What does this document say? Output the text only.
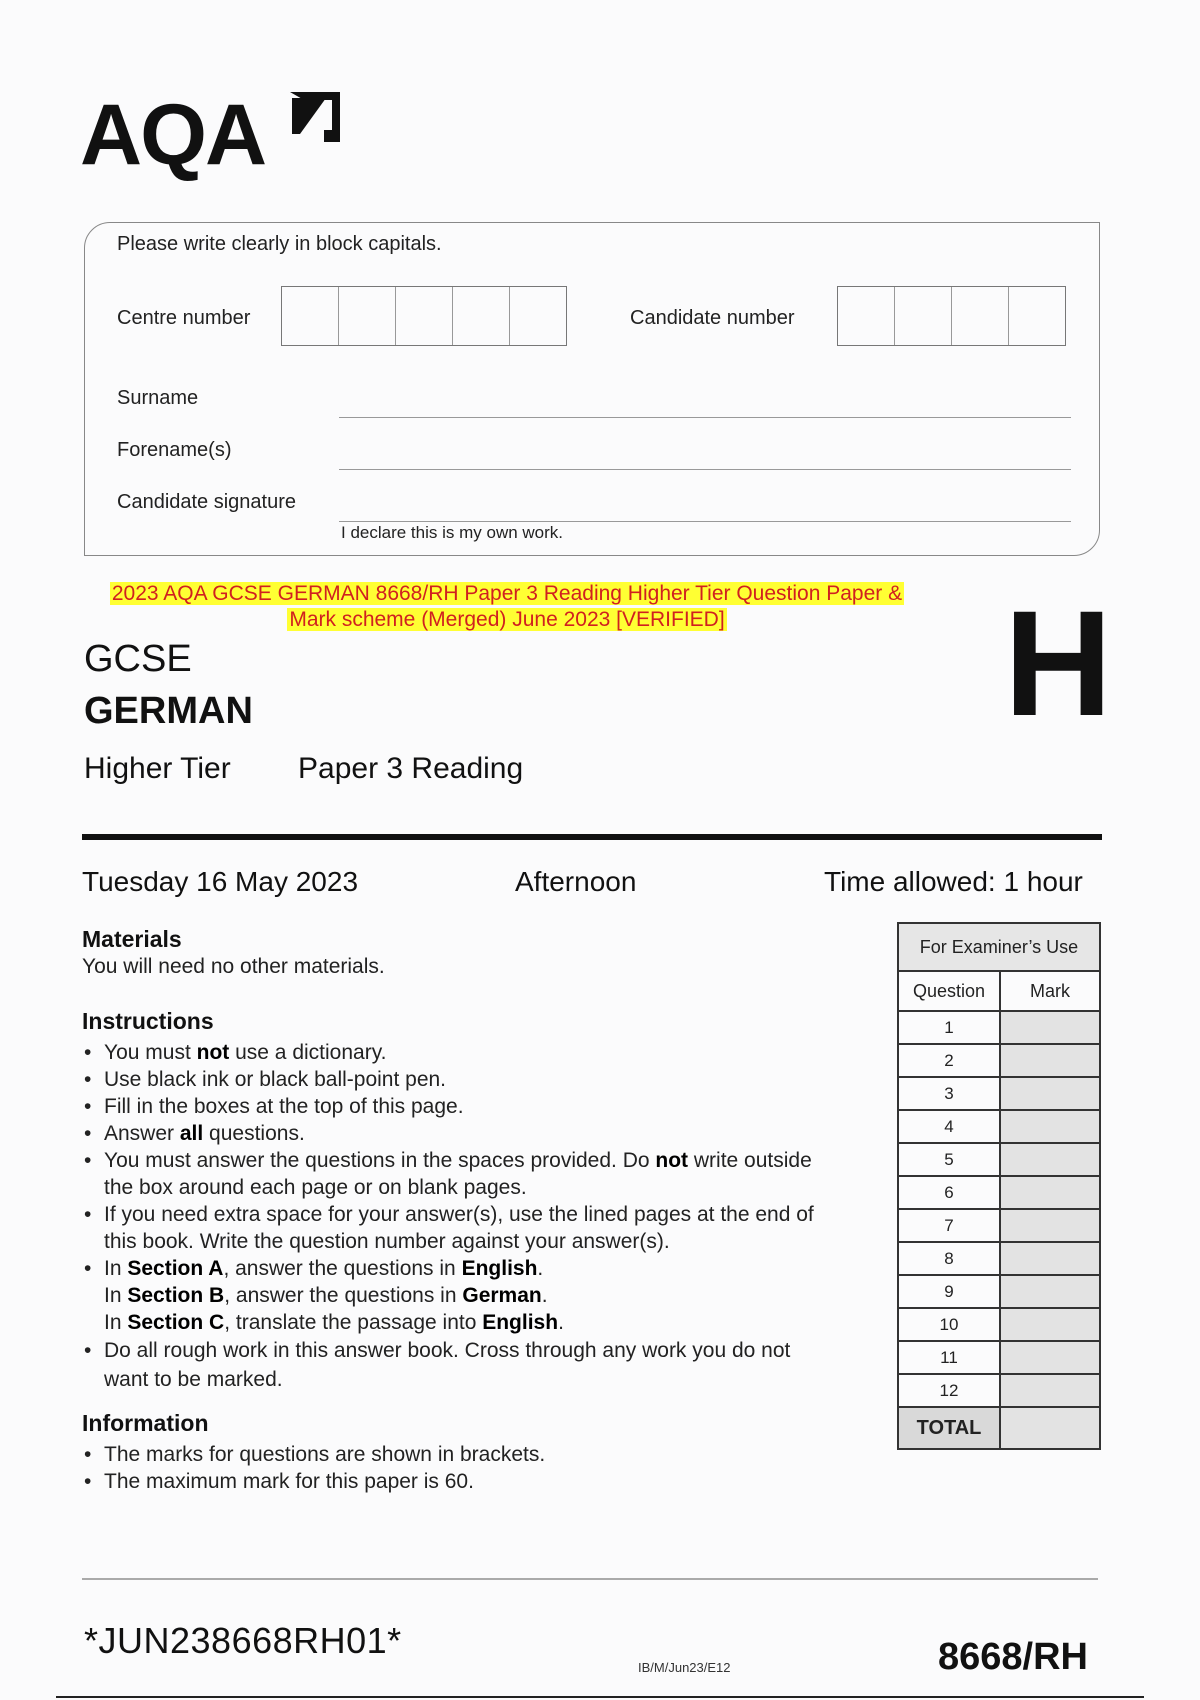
AQA
Please write clearly in block capitals.
Centre number	Candidate number
Surname
Forename(s)
Candidate signature
I declare this is my own work.
2023 AQA GCSE GERMAN 8668/RH Paper 3 Reading Higher Tier Question Paper &
Mark scheme (Merged) June 2023 [VERIFIED]	H
GCSE
GERMAN
Higher Tier Paper 3 Reading
Tuesday 16 May 2023	Afternoon	Time allowed: 1 hour
Materials
You will need no other materials.
Instructions
• You must not use a dictionary.
• Use black ink or black ball-point pen.
• Fill in the boxes at the top of this page.
• Answer all questions.
• You must answer the questions in the spaces provided. Do not write outside
the box around each page or on blank pages.
• If you need extra space for your answer(s), use the lined pages at the end of
this book. Write the question number against your answer(s).
• In Section A, answer the questions in English.
In Section B, answer the questions in German.
In Section C, translate the passage into English.
• Do all rough work in this answer book. Cross through any work you do not
want to be marked.
Information
• The marks for questions are shown in brackets.
• The maximum mark for this paper is 60.
For Examiner’s Use	
Question	Mark
1	
2	
3	
4	
5	
6	
7	
8	
9	
10	
11	
12	
TOTAL	
*JUN238668RH01*
IB/M/Jun23/E12	8668/RH
